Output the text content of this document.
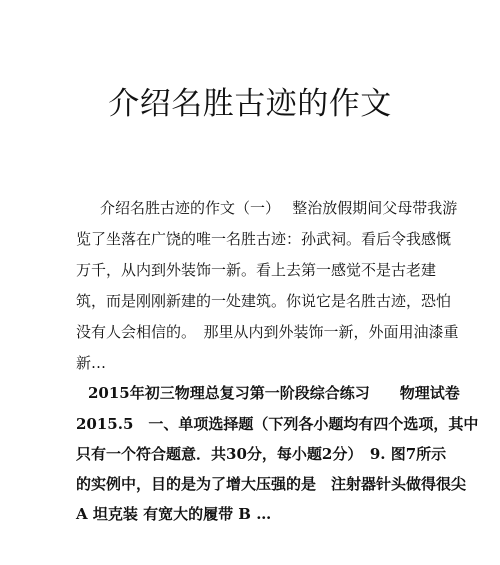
介绍名胜古迹的作文
介绍名胜古迹的作文（一）　 整治放假期间父母带我游
览了坐落在广饶的唯一名胜古迹：孙武祠。看后令我感慨
万千，从内到外装饰一新。看上去第一感觉不是古老建
筑，而是刚刚新建的一处建筑。你说它是名胜古迹，恐怕
没有人会相信的。　那里从内到外装饰一新，外面用油漆重
新…
2015年初三物理总复习第一阶段综合练习　　物理试卷
2015.5　一、单项选择题（下列各小题均有四个选项，其中
只有一个符合题意．共30分，每小题2分）　9. 图7所示
的实例中，目的是为了增大压强的是　注射器针头做得很尖
A 坦克装 有宽大的履带 B …
